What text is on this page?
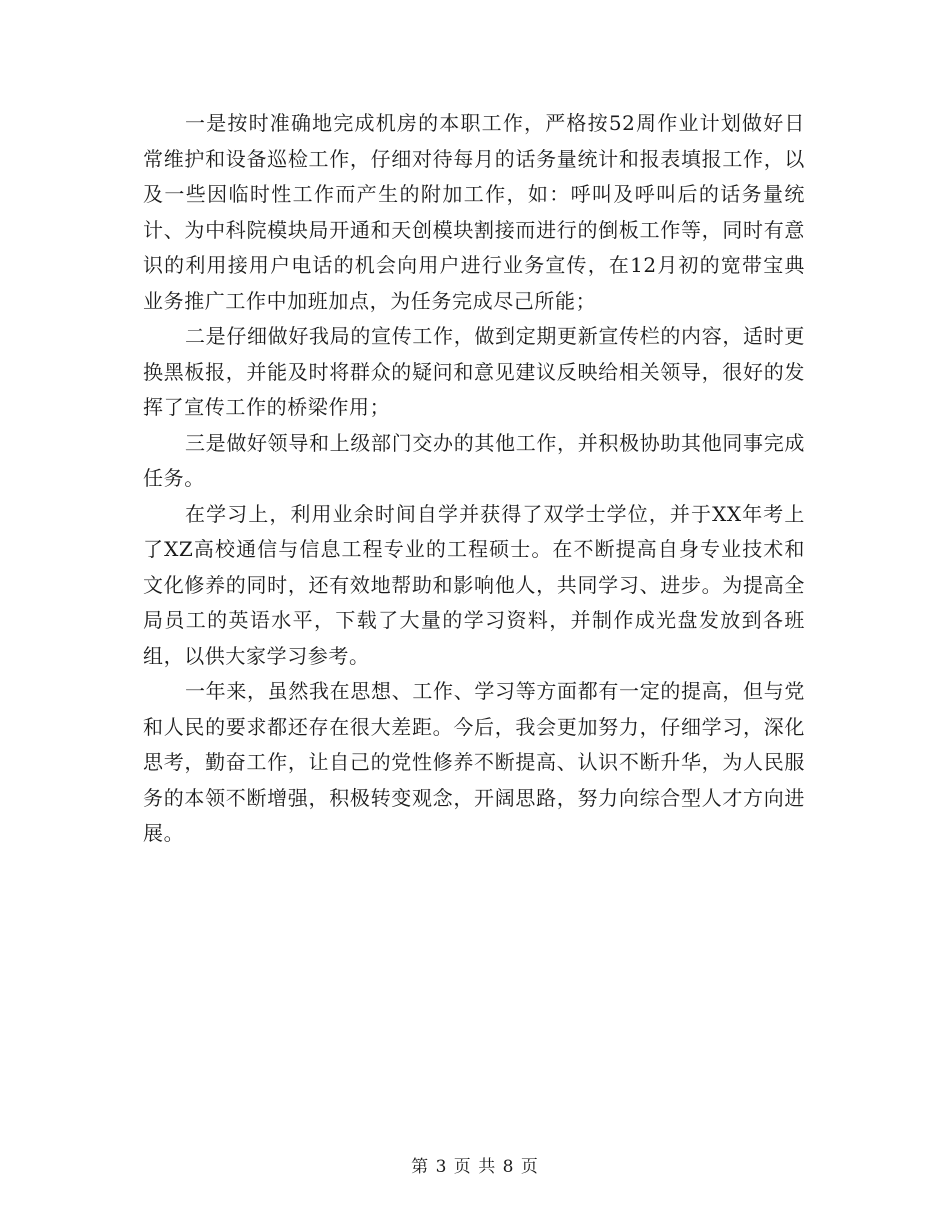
一是按时准确地完成机房的本职工作，严格按52周作业计划做好日常维护和设备巡检工作，仔细对待每月的话务量统计和报表填报工作，以及一些因临时性工作而产生的附加工作，如：呼叫及呼叫后的话务量统计、为中科院模块局开通和天创模块割接而进行的倒板工作等，同时有意识的利用接用户电话的机会向用户进行业务宣传，在12月初的宽带宝典业务推广工作中加班加点，为任务完成尽己所能；

二是仔细做好我局的宣传工作，做到定期更新宣传栏的内容，适时更换黑板报，并能及时将群众的疑问和意见建议反映给相关领导，很好的发挥了宣传工作的桥梁作用；

三是做好领导和上级部门交办的其他工作，并积极协助其他同事完成任务。

在学习上，利用业余时间自学并获得了双学士学位，并于XX年考上了XZ高校通信与信息工程专业的工程硕士。在不断提高自身专业技术和文化修养的同时，还有效地帮助和影响他人，共同学习、进步。为提高全局员工的英语水平，下载了大量的学习资料，并制作成光盘发放到各班组，以供大家学习参考。

一年来，虽然我在思想、工作、学习等方面都有一定的提高，但与党和人民的要求都还存在很大差距。今后，我会更加努力，仔细学习，深化思考，勤奋工作，让自己的党性修养不断提高、认识不断升华，为人民服务的本领不断增强，积极转变观念，开阔思路，努力向综合型人才方向进展。

第 3 页 共 8 页
